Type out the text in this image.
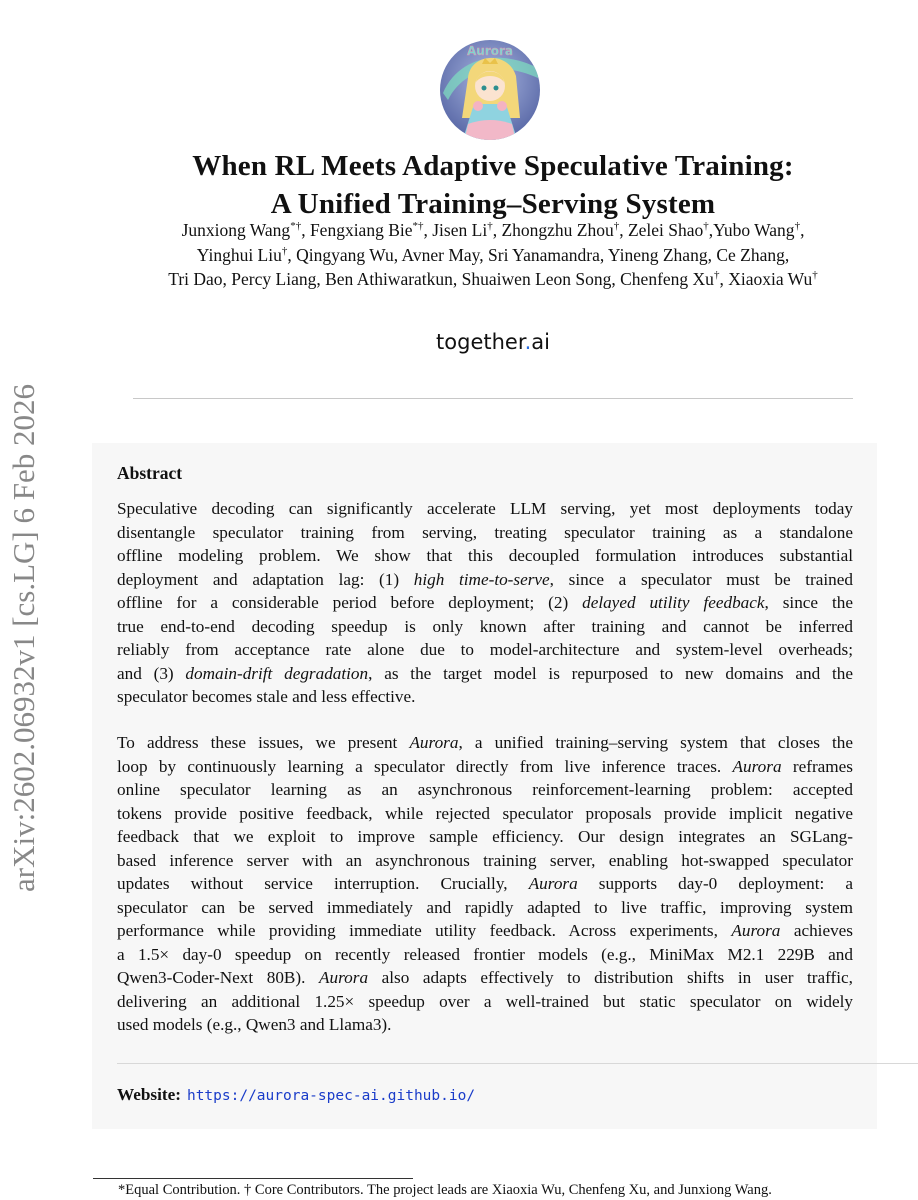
arXiv:2602.06932v1 [cs.LG] 6 Feb 2026
Aurora
When RL Meets Adaptive Speculative Training:
A Unified Training–Serving System
Junxiong Wang*†, Fengxiang Bie*†, Jisen Li†, Zhongzhu Zhou†, Zelei Shao†,Yubo Wang†,
Yinghui Liu†, Qingyang Wu, Avner May, Sri Yanamandra, Yineng Zhang, Ce Zhang,
Tri Dao, Percy Liang, Ben Athiwaratkun, Shuaiwen Leon Song, Chenfeng Xu†, Xiaoxia Wu†
together.ai
Abstract
Speculative decoding can significantly accelerate LLM serving, yet most deployments today
disentangle speculator training from serving, treating speculator training as a standalone
offline modeling problem. We show that this decoupled formulation introduces substantial
deployment and adaptation lag: (1) high time-to-serve, since a speculator must be trained
offline for a considerable period before deployment; (2) delayed utility feedback, since the
true end-to-end decoding speedup is only known after training and cannot be inferred
reliably from acceptance rate alone due to model-architecture and system-level overheads;
and (3) domain-drift degradation, as the target model is repurposed to new domains and the
speculator becomes stale and less effective.
To address these issues, we present Aurora, a unified training–serving system that closes the
loop by continuously learning a speculator directly from live inference traces. Aurora reframes
online speculator learning as an asynchronous reinforcement-learning problem: accepted
tokens provide positive feedback, while rejected speculator proposals provide implicit negative
feedback that we exploit to improve sample efficiency. Our design integrates an SGLang-
based inference server with an asynchronous training server, enabling hot-swapped speculator
updates without service interruption. Crucially, Aurora supports day-0 deployment: a
speculator can be served immediately and rapidly adapted to live traffic, improving system
performance while providing immediate utility feedback. Across experiments, Aurora achieves
a 1.5× day-0 speedup on recently released frontier models (e.g., MiniMax M2.1 229B and
Qwen3-Coder-Next 80B). Aurora also adapts effectively to distribution shifts in user traffic,
delivering an additional 1.25× speedup over a well-trained but static speculator on widely
used models (e.g., Qwen3 and Llama3).
Website: https://aurora-spec-ai.github.io/
*Equal Contribution. † Core Contributors. The project leads are Xiaoxia Wu, Chenfeng Xu, and Junxiong Wang.
